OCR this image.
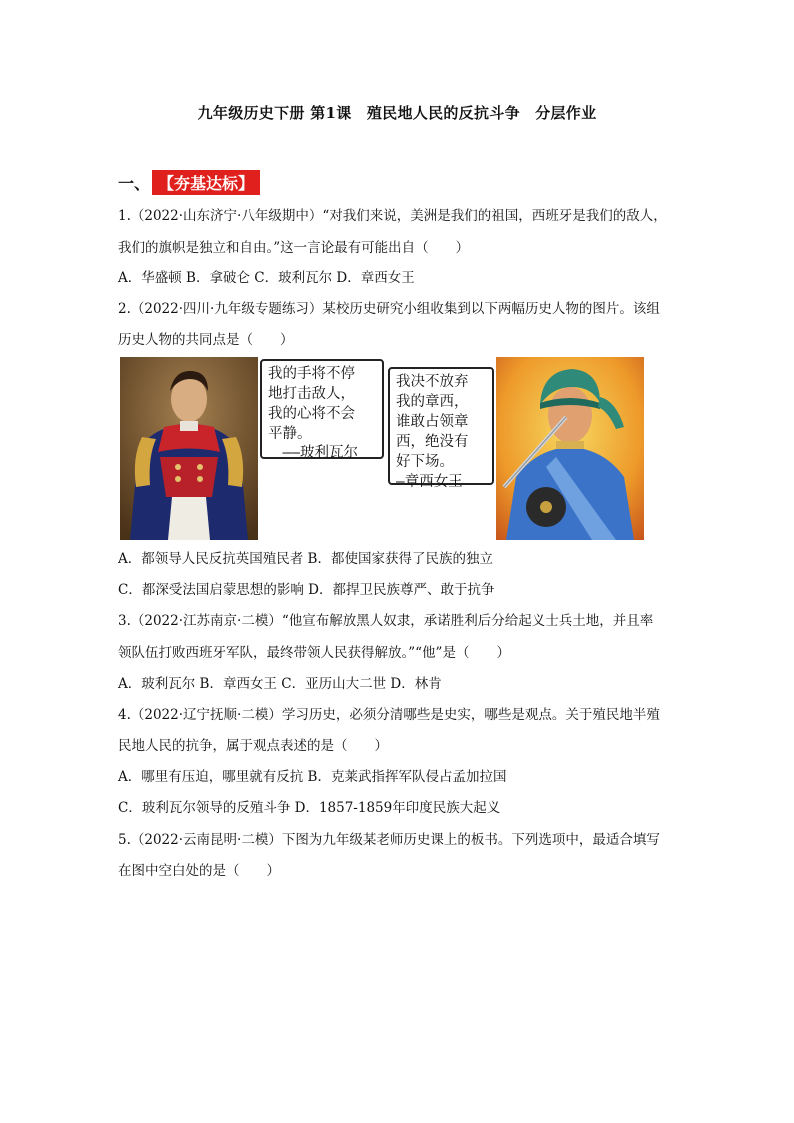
九年级历史下册 第1课　殖民地人民的反抗斗争　分层作业
一、 【夯基达标】
1.（2022·山东济宁·八年级期中）“对我们来说，美洲是我们的祖国，西班牙是我们的敌人，
我们的旗帜是独立和自由。”这一言论最有可能出自（　　）
A．华盛顿 B．拿破仑 C．玻利瓦尔 D．章西女王
2.（2022·四川·九年级专题练习）某校历史研究小组收集到以下两幅历史人物的图片。该组
历史人物的共同点是（　　）
我的手将不停
地打击敌人，
我的心将不会
平静。
　——玻利瓦尔
我决不放弃
我的章西，
谁敢占领章
西，绝没有
好下场。
—章西女王
A．都领导人民反抗英国殖民者 B．都使国家获得了民族的独立
C．都深受法国启蒙思想的影响 D．都捍卫民族尊严、敢于抗争
3.（2022·江苏南京·二模）“他宣布解放黑人奴隶，承诺胜利后分给起义士兵土地，并且率
领队伍打败西班牙军队，最终带领人民获得解放。”“他”是（　　）
A．玻利瓦尔 B．章西女王 C．亚历山大二世 D．林肯
4.（2022·辽宁抚顺·二模）学习历史，必须分清哪些是史实，哪些是观点。关于殖民地半殖
民地人民的抗争，属于观点表述的是（　　）
A．哪里有压迫，哪里就有反抗 B．克莱武指挥军队侵占孟加拉国
C．玻利瓦尔领导的反殖斗争 D．1857-1859年印度民族大起义
5.（2022·云南昆明·二模）下图为九年级某老师历史课上的板书。下列选项中，最适合填写
在图中空白处的是（　　）
